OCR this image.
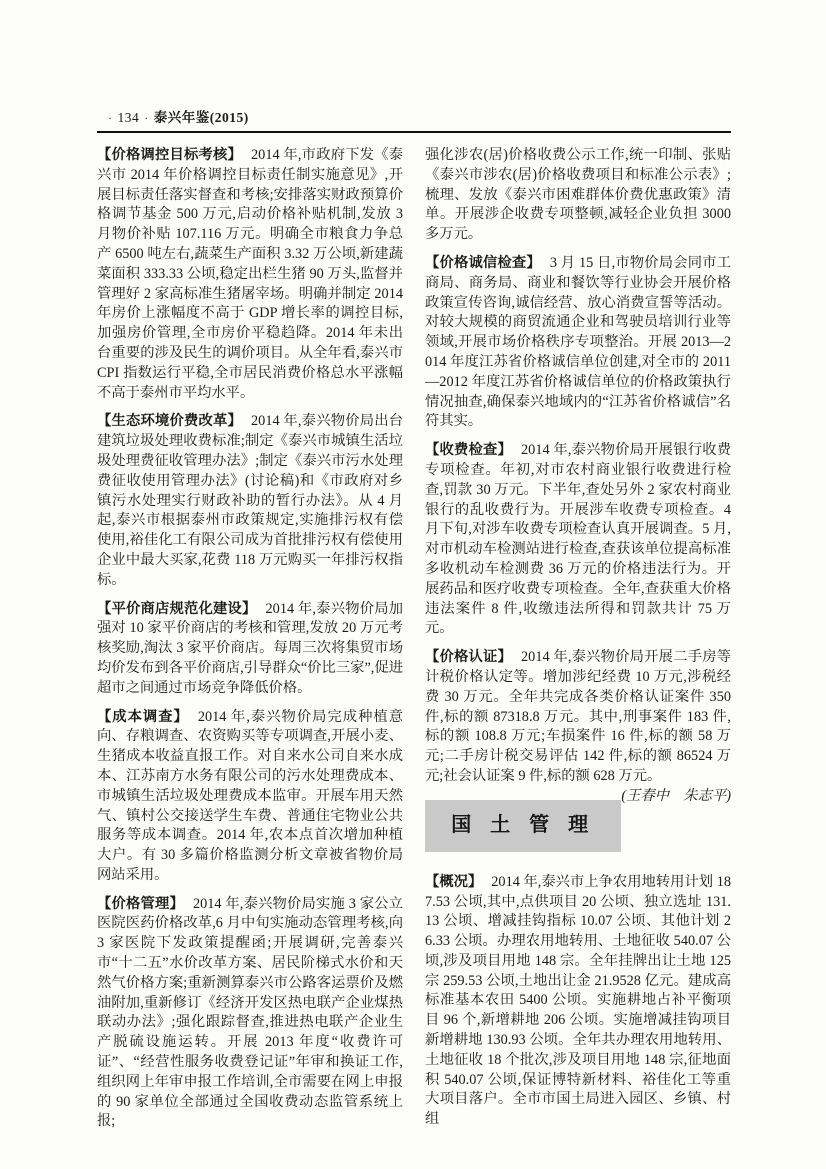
· 134 · 泰兴年鉴(2015)

【价格调控目标考核】 2014 年,市政府下发《泰兴市 2014 年价格调控目标责任制实施意见》,开展目标责任落实督查和考核;安排落实财政预算价格调节基金 500 万元,启动价格补贴机制,发放 3 月物价补贴 107.116 万元。明确全市粮食力争总产 6500 吨左右,蔬菜生产面积 3.32 万公顷,新建蔬菜面积 333.33 公顷,稳定出栏生猪 90 万头,监督并管理好 2 家高标准生猪屠宰场。明确并制定 2014 年房价上涨幅度不高于 GDP 增长率的调控目标,加强房价管理,全市房价平稳趋降。2014 年未出台重要的涉及民生的调价项目。从全年看,泰兴市 CPI 指数运行平稳,全市居民消费价格总水平涨幅不高于泰州市平均水平。

【生态环境价费改革】 2014 年,泰兴物价局出台建筑垃圾处理收费标准;制定《泰兴市城镇生活垃圾处理费征收管理办法》;制定《泰兴市污水处理费征收使用管理办法》(讨论稿)和《市政府对乡镇污水处理实行财政补助的暂行办法》。从 4 月起,泰兴市根据泰州市政策规定,实施排污权有偿使用,裕佳化工有限公司成为首批排污权有偿使用企业中最大买家,花费 118 万元购买一年排污权指标。

【平价商店规范化建设】 2014 年,泰兴物价局加强对 10 家平价商店的考核和管理,发放 20 万元考核奖励,淘汰 3 家平价商店。每周三次将集贸市场均价发布到各平价商店,引导群众“价比三家”,促进超市之间通过市场竞争降低价格。

【成本调查】 2014 年,泰兴物价局完成种植意向、存粮调查、农资购买等专项调查,开展小麦、生猪成本收益直报工作。对自来水公司自来水成本、江苏南方水务有限公司的污水处理费成本、市城镇生活垃圾处理费成本监审。开展车用天然气、镇村公交接送学生车费、普通住宅物业公共服务等成本调查。2014 年,农本点首次增加种植大户。有 30 多篇价格监测分析文章被省物价局网站采用。

【价格管理】 2014 年,泰兴物价局实施 3 家公立医院医药价格改革,6 月中旬实施动态管理考核,向 3 家医院下发政策提醒函;开展调研,完善泰兴市“十二五”水价改革方案、居民阶梯式水价和天然气价格方案;重新测算泰兴市公路客运票价及燃油附加,重新修订《经济开发区热电联产企业煤热联动办法》;强化跟踪督查,推进热电联产企业生产脱硫设施运转。开展 2013 年度“收费许可证”、“经营性服务收费登记证”年审和换证工作,组织网上年审申报工作培训,全市需要在网上申报的 90 家单位全部通过全国收费动态监管系统上报;

强化涉农(居)价格收费公示工作,统一印制、张贴《泰兴市涉农(居)价格收费项目和标准公示表》;梳理、发放《泰兴市困难群体价费优惠政策》清单。开展涉企收费专项整顿,减轻企业负担 3000 多万元。

【价格诚信检查】 3 月 15 日,市物价局会同市工商局、商务局、商业和餐饮等行业协会开展价格政策宣传咨询,诚信经营、放心消费宣誓等活动。对较大规模的商贸流通企业和驾驶员培训行业等领域,开展市场价格秩序专项整治。开展 2013—2014 年度江苏省价格诚信单位创建,对全市的 2011—2012 年度江苏省价格诚信单位的价格政策执行情况抽查,确保泰兴地域内的“江苏省价格诚信”名符其实。

【收费检查】 2014 年,泰兴物价局开展银行收费专项检查。年初,对市农村商业银行收费进行检查,罚款 30 万元。下半年,查处另外 2 家农村商业银行的乱收费行为。开展涉车收费专项检查。4 月下旬,对涉车收费专项检查认真开展调查。5 月,对市机动车检测站进行检查,查获该单位提高标准多收机动车检测费 36 万元的价格违法行为。开展药品和医疗收费专项检查。全年,查获重大价格违法案件 8 件,收缴违法所得和罚款共计 75 万元。

【价格认证】 2014 年,泰兴物价局开展二手房等计税价格认定等。增加涉纪经费 10 万元,涉税经费 30 万元。全年共完成各类价格认证案件 350 件,标的额 87318.8 万元。其中,刑事案件 183 件,标的额 108.8 万元;车损案件 16 件,标的额 58 万元;二手房计税交易评估 142 件,标的额 86524 万元;社会认证案 9 件,标的额 628 万元。
(王春中　朱志平)

国 土 管 理

【概况】 2014 年,泰兴市上争农用地转用计划 187.53 公顷,其中,点供项目 20 公顷、独立选址 131.13 公顷、增减挂钩指标 10.07 公顷、其他计划 26.33 公顷。办理农用地转用、土地征收 540.07 公顷,涉及项目用地 148 宗。全年挂牌出让土地 125 宗 259.53 公顷,土地出让金 21.9528 亿元。建成高标准基本农田 5400 公顷。实施耕地占补平衡项目 96 个,新增耕地 206 公顷。实施增减挂钩项目新增耕地 130.93 公顷。全年共办理农用地转用、土地征收 18 个批次,涉及项目用地 148 宗,征地面积 540.07 公顷,保证博特新材料、裕佳化工等重大项目落户。全市市国土局进入园区、乡镇、村组
